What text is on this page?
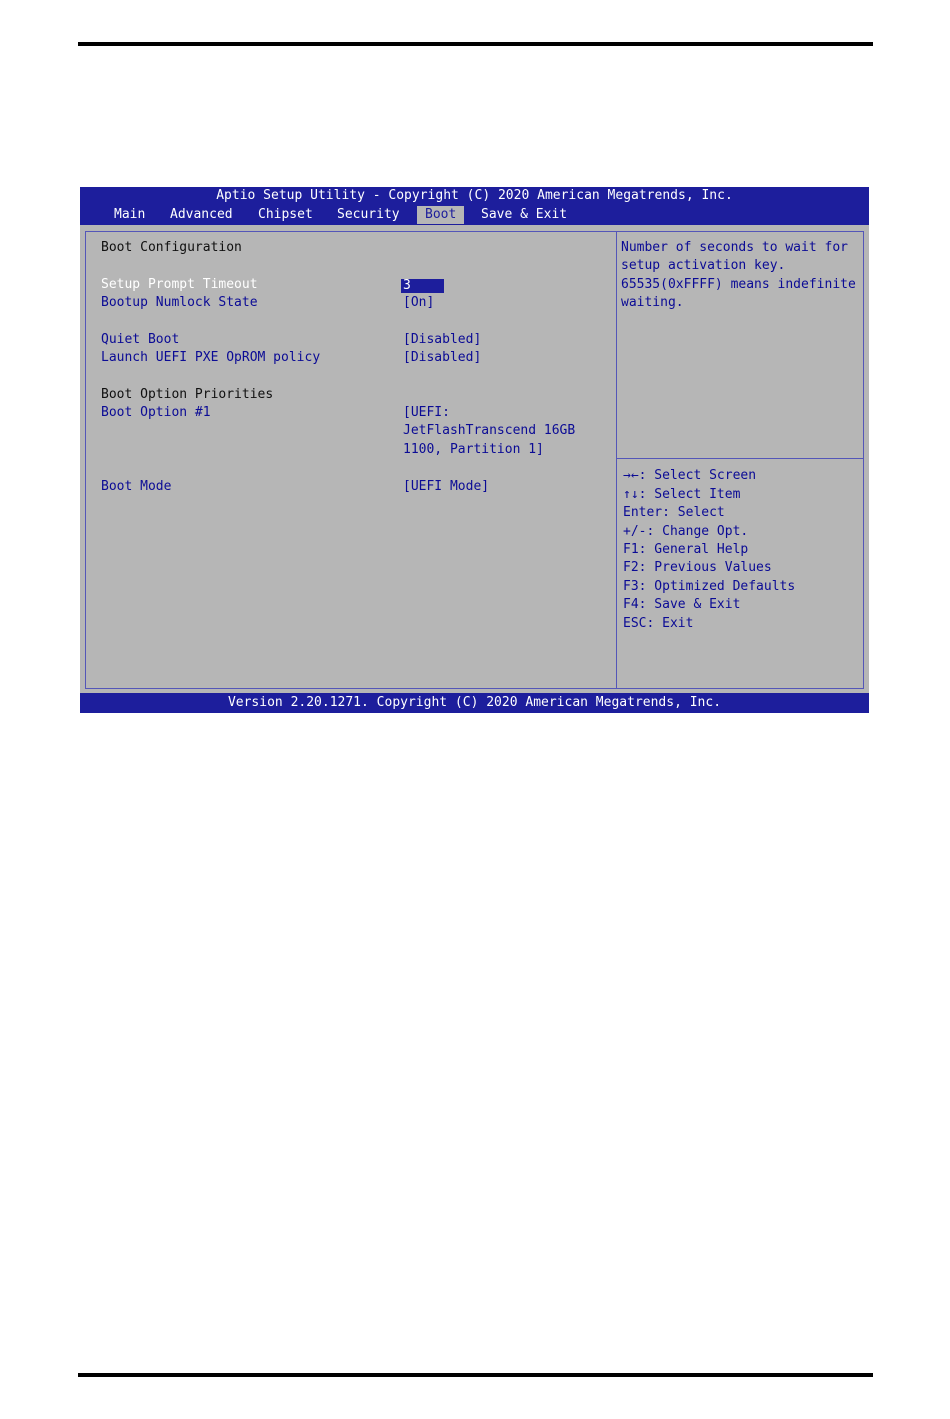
Aptio Setup Utility - Copyright (C) 2020 American Megatrends, Inc.
Main Advanced Chipset Security	Boot	Save & Exit
Boot Configuration
Setup Prompt Timeout	3
Bootup Numlock State	[On]
Quiet Boot	[Disabled]
Launch UEFI PXE OpROM policy	[Disabled]
Boot Option Priorities
Boot Option #1	[UEFI:
JetFlashTranscend 16GB
1100, Partition 1]
Boot Mode	[UEFI Mode]
Number of seconds to wait for
setup activation key.
65535(0xFFFF) means indefinite
waiting.
→←: Select Screen
↑↓: Select Item
Enter: Select
+/-: Change Opt.
F1: General Help
F2: Previous Values
F3: Optimized Defaults
F4: Save & Exit
ESC: Exit
Version 2.20.1271. Copyright (C) 2020 American Megatrends, Inc.
